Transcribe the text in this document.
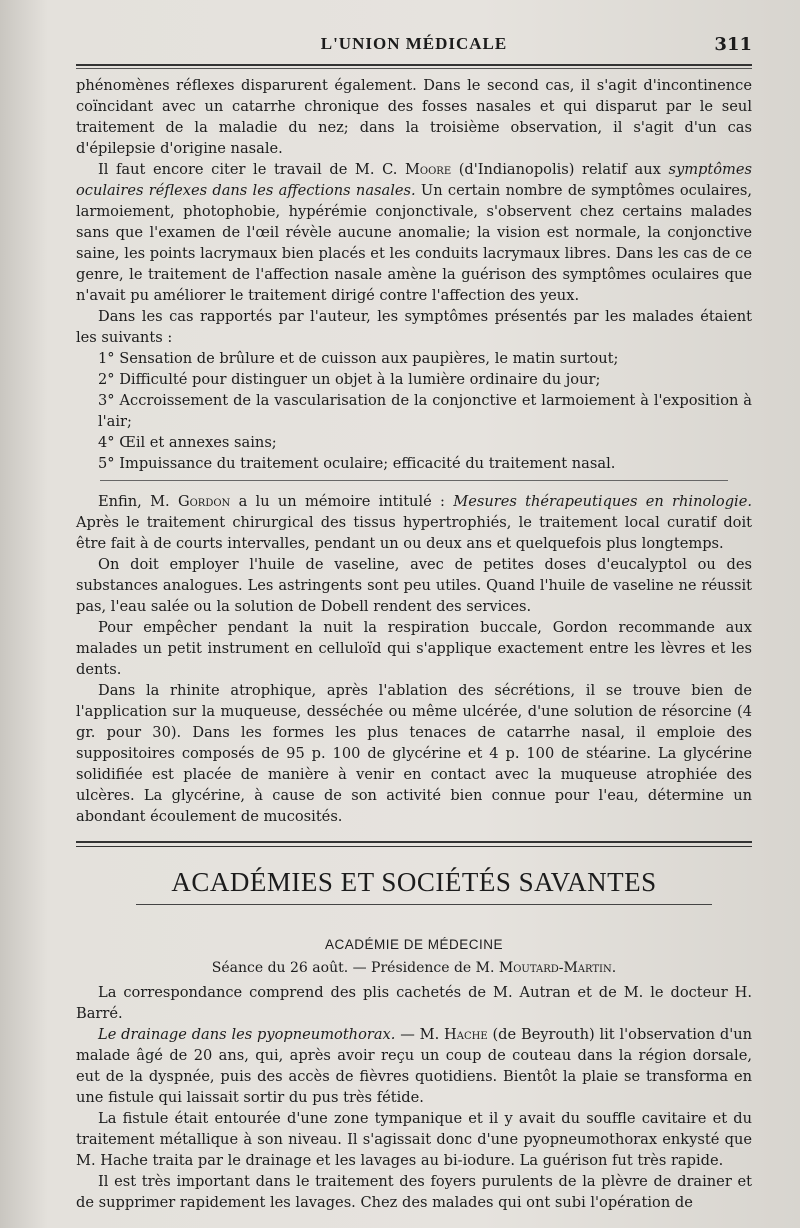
L'UNION MÉDICALE	311

phénomènes réflexes disparurent également. Dans le second cas, il s'agit d'incontinence coïncidant avec un catarrhe chronique des fosses nasales et qui disparut par le seul traitement de la maladie du nez; dans la troisième observation, il s'agit d'un cas d'épilepsie d'origine nasale.

Il faut encore citer le travail de M. C. Moore (d'Indianopolis) relatif aux symptômes oculaires réflexes dans les affections nasales. Un certain nombre de symptômes oculaires, larmoiement, photophobie, hypérémie conjonctivale, s'observent chez certains malades sans que l'examen de l'œil révèle aucune anomalie; la vision est normale, la conjonctive saine, les points lacrymaux bien placés et les conduits lacrymaux libres. Dans les cas de ce genre, le traitement de l'affection nasale amène la guérison des symptômes oculaires que n'avait pu améliorer le traitement dirigé contre l'affection des yeux.

Dans les cas rapportés par l'auteur, les symptômes présentés par les malades étaient les suivants :

1° Sensation de brûlure et de cuisson aux paupières, le matin surtout;

2° Difficulté pour distinguer un objet à la lumière ordinaire du jour;

3° Accroissement de la vascularisation de la conjonctive et larmoiement à l'exposition à l'air;

4° Œil et annexes sains;

5° Impuissance du traitement oculaire; efficacité du traitement nasal.

Enfin, M. Gordon a lu un mémoire intitulé : Mesures thérapeutiques en rhinologie. Après le traitement chirurgical des tissus hypertrophiés, le traitement local curatif doit être fait à de courts intervalles, pendant un ou deux ans et quelquefois plus longtemps.

On doit employer l'huile de vaseline, avec de petites doses d'eucalyptol ou des substances analogues. Les astringents sont peu utiles. Quand l'huile de vaseline ne réussit pas, l'eau salée ou la solution de Dobell rendent des services.

Pour empêcher pendant la nuit la respiration buccale, Gordon recommande aux malades un petit instrument en celluloïd qui s'applique exactement entre les lèvres et les dents.

Dans la rhinite atrophique, après l'ablation des sécrétions, il se trouve bien de l'application sur la muqueuse, desséchée ou même ulcérée, d'une solution de résorcine (4 gr. pour 30). Dans les formes les plus tenaces de catarrhe nasal, il emploie des suppositoires composés de 95 p. 100 de glycérine et 4 p. 100 de stéarine. La glycérine solidifiée est placée de manière à venir en contact avec la muqueuse atrophiée des ulcères. La glycérine, à cause de son activité bien connue pour l'eau, détermine un abondant écoulement de mucosités.

ACADÉMIES ET SOCIÉTÉS SAVANTES
ACADÉMIE DE MÉDECINE
Séance du 26 août. — Présidence de M. Moutard-Martin.

La correspondance comprend des plis cachetés de M. Autran et de M. le docteur H. Barré.

Le drainage dans les pyopneumothorax. — M. Hache (de Beyrouth) lit l'observation d'un malade âgé de 20 ans, qui, après avoir reçu un coup de couteau dans la région dorsale, eut de la dyspnée, puis des accès de fièvres quotidiens. Bientôt la plaie se transforma en une fistule qui laissait sortir du pus très fétide.

La fistule était entourée d'une zone tympanique et il y avait du souffle cavitaire et du traitement métallique à son niveau. Il s'agissait donc d'une pyopneumothorax enkysté que M. Hache traita par le drainage et les lavages au bi-iodure. La guérison fut très rapide.

Il est très important dans le traitement des foyers purulents de la plèvre de drainer et de supprimer rapidement les lavages. Chez des malades qui ont subi l'opération de
